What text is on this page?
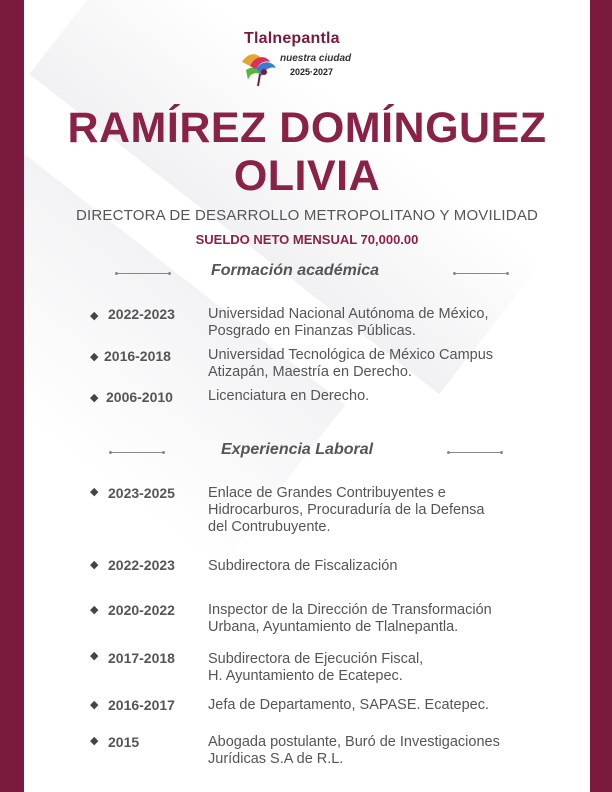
Tlalnepantla
nuestra ciudad
2025·2027
RAMÍREZ DOMÍNGUEZ
OLIVIA
DIRECTORA DE DESARROLLO METROPOLITANO Y MOVILIDAD
SUELDO NETO MENSUAL 70,000.00
Formación académica
◆ 2022-2023 Universidad Nacional Autónoma de México,
Posgrado en Finanzas Públicas.
◆ 2016-2018	Universidad Tecnológica de México Campus
Atizapán, Maestría en Derecho.
◆ 2006-2010 Licenciatura en Derecho.
Experiencia Laboral
◆ 2023-2025 Enlace de Grandes Contribuyentes e
Hidrocarburos, Procuraduría de la Defensa
del Contrubuyente.
◆ 2022-2023 Subdirectora de Fiscalización
◆ 2020-2022 Inspector de la Dirección de Transformación
Urbana, Ayuntamiento de Tlalnepantla.
◆ 2017-2018 Subdirectora de Ejecución Fiscal,
H. Ayuntamiento de Ecatepec.
◆ 2016-2017 Jefa de Departamento, SAPASE. Ecatepec.
◆ 2015	Abogada postulante, Buró de Investigaciones
Jurídicas S.A de R.L.
